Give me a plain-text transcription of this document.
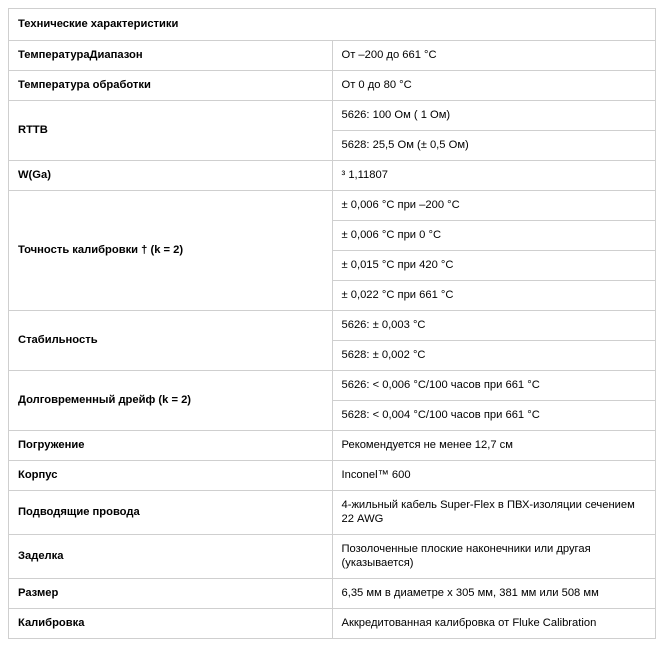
Технические характеристики	
ТемператураДиапазон	От –200 до 661 °C
Температура обработки	От 0 до 80 °C
RTTB	5626: 100 Ом ( 1 Ом)
	5628: 25,5 Ом (± 0,5 Ом)
W(Ga)	³ 1,11807
Точность калибровки † (k = 2)	± 0,006 °C при –200 °C
	± 0,006 °C при 0 °C
	± 0,015 °C при 420 °C
	± 0,022 °C при 661 °C
Стабильность	5626: ± 0,003 °C
	5628: ± 0,002 °C
Долговременный дрейф (k = 2)	5626: < 0,006 °C/100 часов при 661 °C
	5628: < 0,004 °C/100 часов при 661 °C
Погружение	Рекомендуется не менее 12,7 см
Корпус	Inconel™ 600
Подводящие провода	4-жильный кабель Super-Flex в ПВХ-изоляции сечением 22 AWG
Заделка	Позолоченные плоские наконечники или другая (указывается)
Размер	6,35 мм в диаметре x 305 мм, 381 мм или 508 мм
Калибровка	Аккредитованная калибровка от Fluke Calibration
